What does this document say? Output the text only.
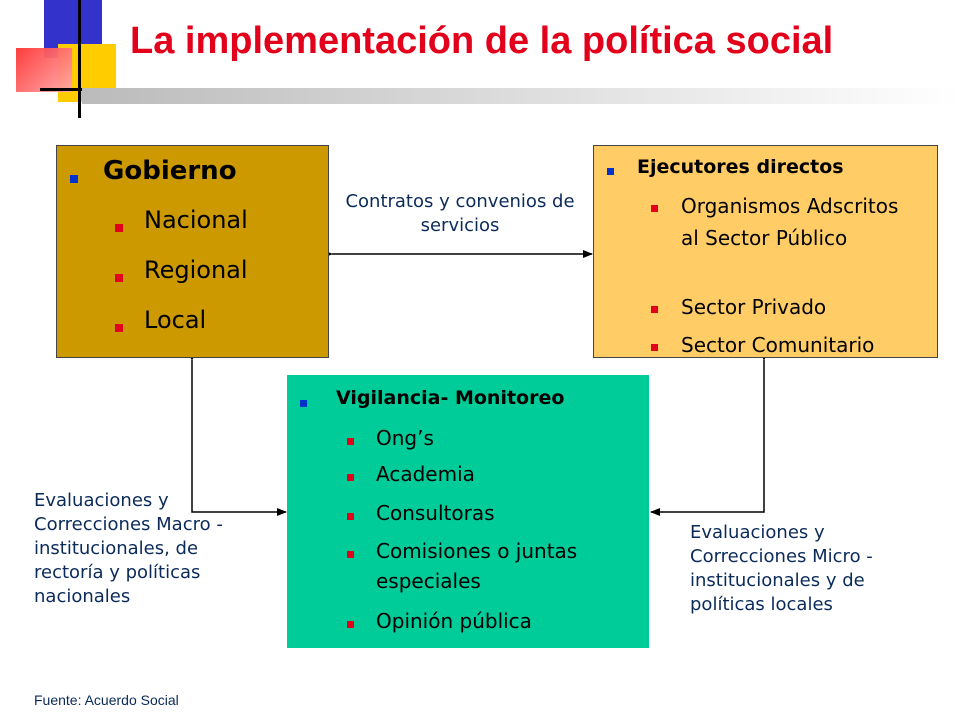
La implementación de la política social
Gobierno
Nacional
Regional
Local
Ejecutores directos
Organismos Adscritos al Sector Público
Sector Privado
Sector Comunitario
Vigilancia- Monitoreo
Ong’s
Academia
Consultoras
Comisiones o juntas especiales
Opinión pública
Contratos y convenios de servicios
Evaluaciones y Correcciones Macro - institucionales, de rectoría y políticas nacionales
Evaluaciones y Correcciones Micro - institucionales y de políticas locales
Fuente: Acuerdo Social
